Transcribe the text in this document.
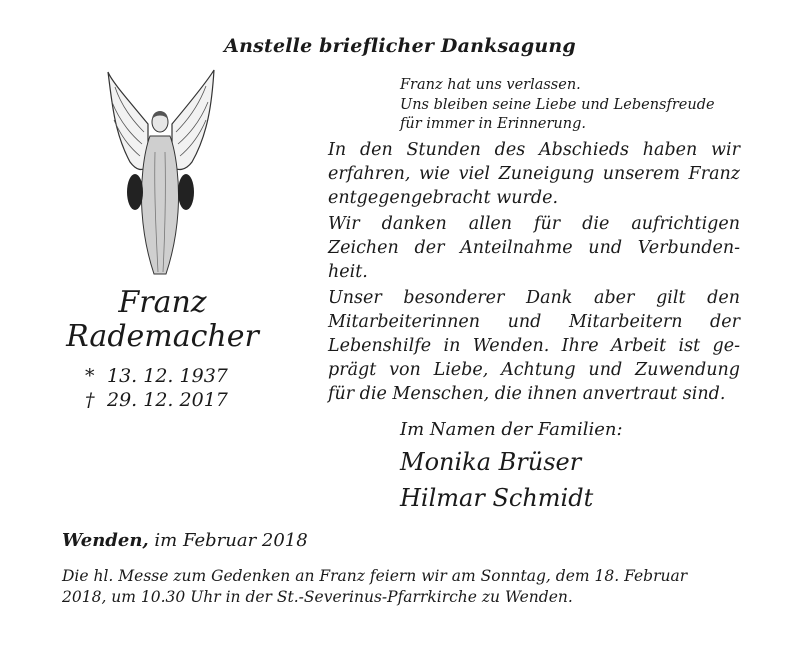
Anstelle brieflicher Danksagung
Franz
Rademacher
* 13. 12. 1937
† 29. 12. 2017
Franz hat uns verlassen.
Uns bleiben seine Liebe und Lebensfreude
für immer in Erinnerung.
In den Stunden des Abschieds haben wir
erfahren, wie viel Zuneigung unserem Franz
entgegengebracht wurde.
Wir danken allen für die aufrichtigen
Zeichen der Anteilnahme und Verbunden-
heit.
Unser besonderer Dank aber gilt den
Mitarbeiterinnen und Mitarbeitern der
Lebenshilfe in Wenden. Ihre Arbeit ist ge-
prägt von Liebe, Achtung und Zuwendung
für die Menschen, die ihnen anvertraut sind.
Im Namen der Familien:
Monika Brüser
Hilmar Schmidt
Wenden, im Februar 2018
Die hl. Messe zum Gedenken an Franz feiern wir am Sonntag, dem 18. Februar
2018, um 10.30 Uhr in der St.-Severinus-Pfarrkirche zu Wenden.
